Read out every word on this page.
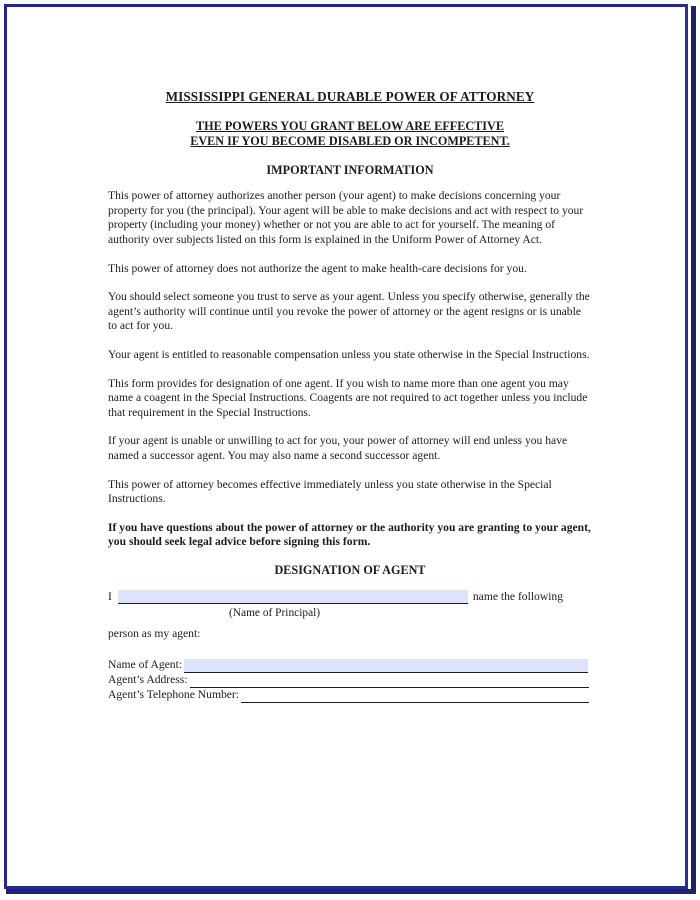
MISSISSIPPI GENERAL DURABLE POWER OF ATTORNEY
THE POWERS YOU GRANT BELOW ARE EFFECTIVE
EVEN IF YOU BECOME DISABLED OR INCOMPETENT.
IMPORTANT INFORMATION

This power of attorney authorizes another person (your agent) to make decisions concerning your property for you (the principal). Your agent will be able to make decisions and act with respect to your property (including your money) whether or not you are able to act for yourself. The meaning of authority over subjects listed on this form is explained in the Uniform Power of Attorney Act.

This power of attorney does not authorize the agent to make health-care decisions for you.

You should select someone you trust to serve as your agent. Unless you specify otherwise, generally the agent’s authority will continue until you revoke the power of attorney or the agent resigns or is unable to act for you.

Your agent is entitled to reasonable compensation unless you state otherwise in the Special Instructions.

This form provides for designation of one agent. If you wish to name more than one agent you may name a coagent in the Special Instructions. Coagents are not required to act together unless you include that requirement in the Special Instructions.

If your agent is unable or unwilling to act for you, your power of attorney will end unless you have named a successor agent. You may also name a second successor agent.

This power of attorney becomes effective immediately unless you state otherwise in the Special Instructions.

If you have questions about the power of attorney or the authority you are granting to your agent, you should seek legal advice before signing this form.

DESIGNATION OF AGENT
I	name the following
(Name of Principal)
person as my agent:
Name of Agent:
Agent’s Address:
Agent’s Telephone Number:
